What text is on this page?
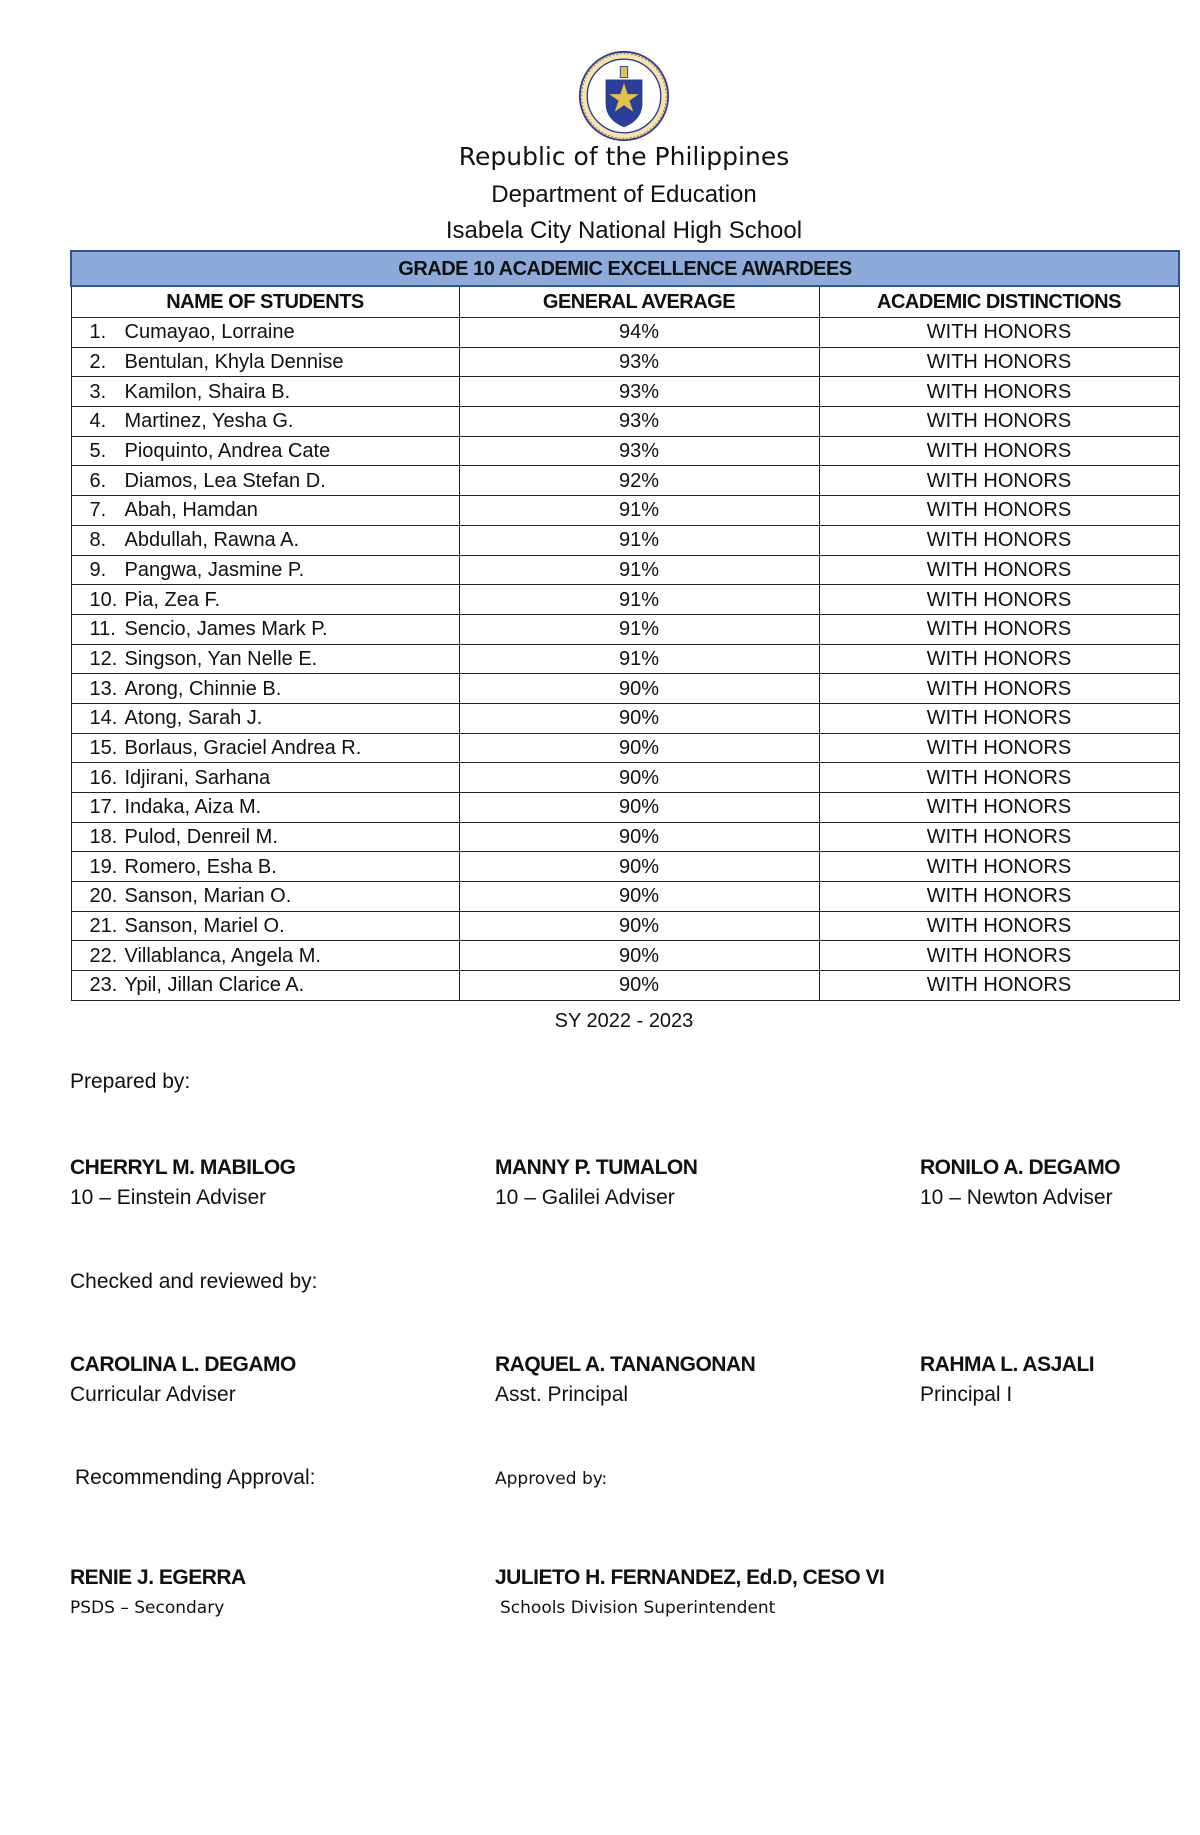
Republic of the Philippines
Department of Education
Isabela City National High School
GRADE 10 ACADEMIC EXCELLENCE AWARDEES		
NAME OF STUDENTS	GENERAL AVERAGE	ACADEMIC DISTINCTIONS
1. Cumayao, Lorraine	94%	WITH HONORS
2. Bentulan, Khyla Dennise	93%	WITH HONORS
3. Kamilon, Shaira B.	93%	WITH HONORS
4. Martinez, Yesha G.	93%	WITH HONORS
5. Pioquinto, Andrea Cate	93%	WITH HONORS
6. Diamos, Lea Stefan D.	92%	WITH HONORS
7. Abah, Hamdan	91%	WITH HONORS
8. Abdullah, Rawna A.	91%	WITH HONORS
9. Pangwa, Jasmine P.	91%	WITH HONORS
10. Pia, Zea F.	91%	WITH HONORS
11. Sencio, James Mark P.	91%	WITH HONORS
12. Singson, Yan Nelle E.	91%	WITH HONORS
13. Arong, Chinnie B.	90%	WITH HONORS
14. Atong, Sarah J.	90%	WITH HONORS
15. Borlaus, Graciel Andrea R.	90%	WITH HONORS
16. Idjirani, Sarhana	90%	WITH HONORS
17. Indaka, Aiza M.	90%	WITH HONORS
18. Pulod, Denreil M.	90%	WITH HONORS
19. Romero, Esha B.	90%	WITH HONORS
20. Sanson, Marian O.	90%	WITH HONORS
21. Sanson, Mariel O.	90%	WITH HONORS
22. Villablanca, Angela M.	90%	WITH HONORS
23. Ypil, Jillan Clarice A.	90%	WITH HONORS
SY 2022 - 2023
Prepared by:
CHERRYL M. MABILOG
10 – Einstein Adviser
MANNY P. TUMALON
10 – Galilei Adviser
RONILO A. DEGAMO
10 – Newton Adviser
Checked and reviewed by:
CAROLINA L. DEGAMO
Curricular Adviser
RAQUEL A. TANANGONAN
Asst. Principal
RAHMA L. ASJALI
Principal I
Recommending Approval:	Approved by:
RENIE J. EGERRA
PSDS – Secondary
JULIETO H. FERNANDEZ, Ed.D, CESO VI
Schools Division Superintendent
